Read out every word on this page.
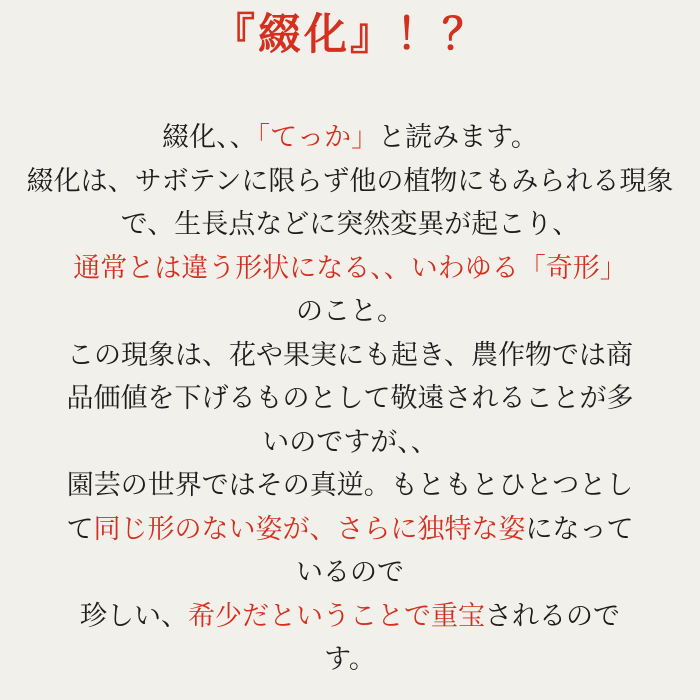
『綴化』！？
綴化、、「てっか」と読みます。
綴化は、サボテンに限らず他の植物にもみられる現象
で、生長点などに突然変異が起こり、
通常とは違う形状になる、、いわゆる「奇形」
のこと。
この現象は、花や果実にも起き、農作物では商
品価値を下げるものとして敬遠されることが多
いのですが、、
園芸の世界ではその真逆。もともとひとつとし
て同じ形のない姿が、さらに独特な姿になって
いるので
珍しい、希少だということで重宝されるので
す。
